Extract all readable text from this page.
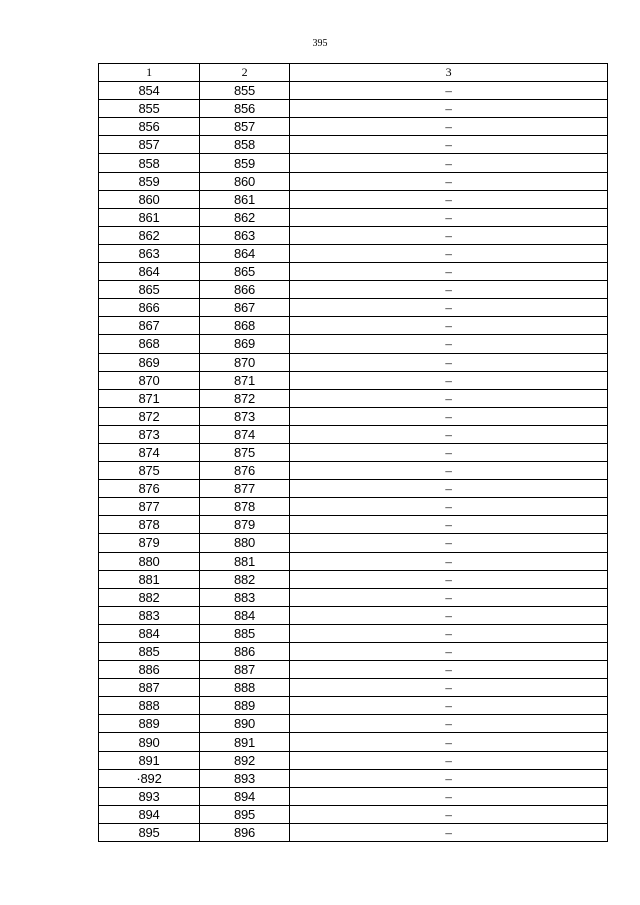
395
1	2	3
854	855	–
855	856	–
856	857	–
857	858	–
858	859	–
859	860	–
860	861	–
861	862	–
862	863	–
863	864	–
864	865	–
865	866	–
866	867	–
867	868	–
868	869	–
869	870	–
870	871	–
871	872	–
872	873	–
873	874	–
874	875	–
875	876	–
876	877	–
877	878	–
878	879	–
879	880	–
880	881	–
881	882	–
882	883	–
883	884	–
884	885	–
885	886	–
886	887	–
887	888	–
888	889	–
889	890	–
890	891	–
891	892	–
·892	893	–
893	894	–
894	895	–
895	896	–
